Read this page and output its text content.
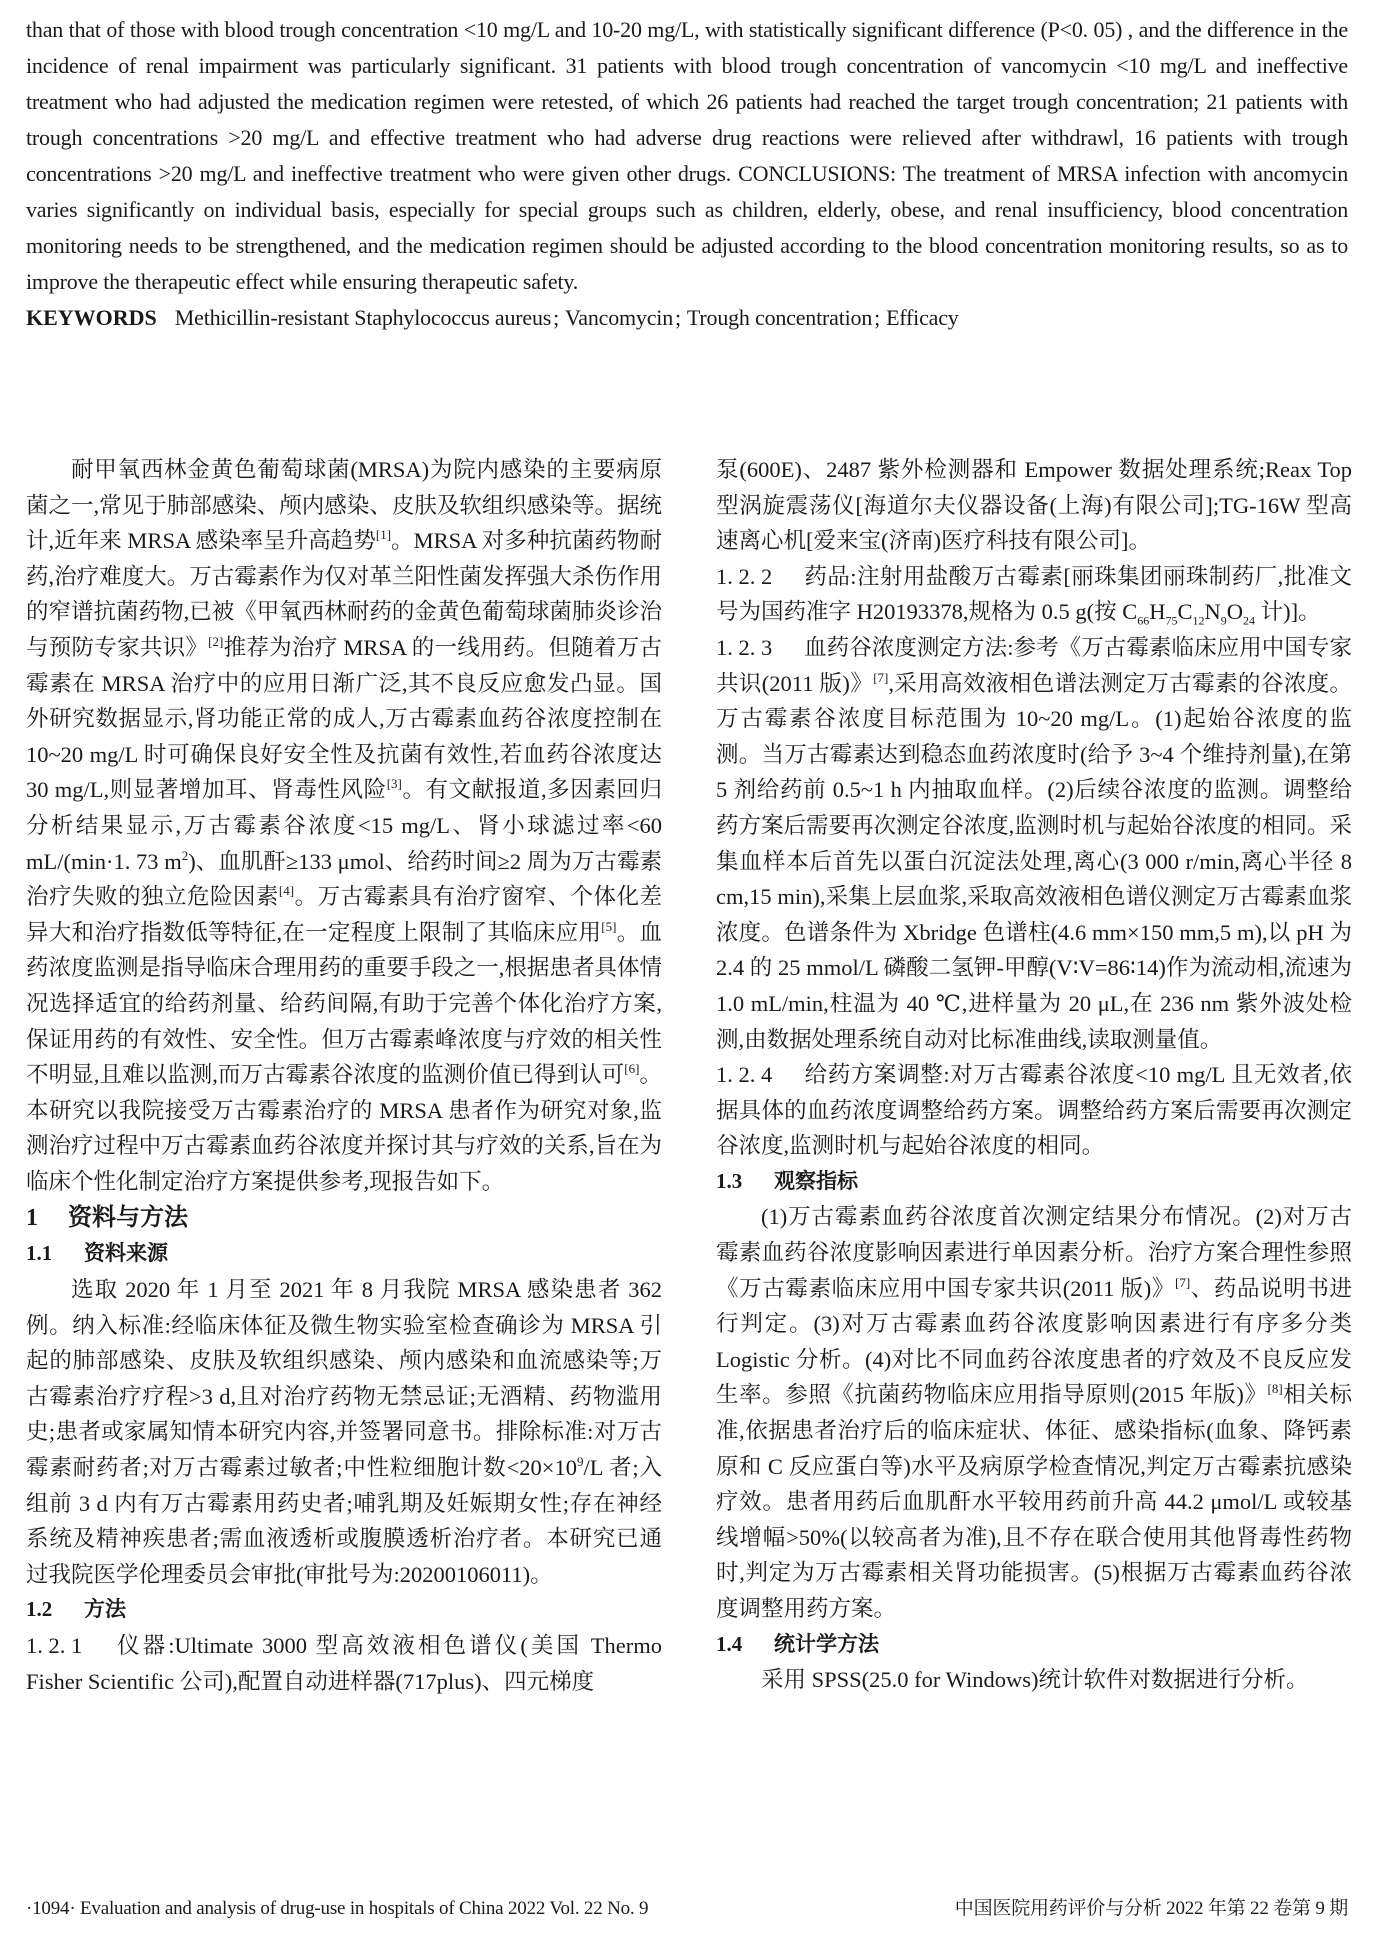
than that of those with blood trough concentration <10 mg/L and 10-20 mg/L, with statistically significant difference (P<0. 05) , and the difference in the incidence of renal impairment was particularly significant. 31 patients with blood trough concentration of vancomycin <10 mg/L and ineffective treatment who had adjusted the medication regimen were retested, of which 26 patients had reached the target trough concentration; 21 patients with trough concentrations >20 mg/L and effective treatment who had adverse drug reactions were relieved after withdrawl, 16 patients with trough concentrations >20 mg/L and ineffective treatment who were given other drugs. CONCLUSIONS: The treatment of MRSA infection with ancomycin varies significantly on individual basis, especially for special groups such as children, elderly, obese, and renal insufficiency, blood concentration monitoring needs to be strengthened, and the medication regimen should be adjusted according to the blood concentration monitoring results, so as to improve the therapeutic effect while ensuring therapeutic safety.

KEYWORDS Methicillin-resistant Staphylococcus aureus; Vancomycin; Trough concentration; Efficacy

耐甲氧西林金黄色葡萄球菌(MRSA)为院内感染的主要病原菌之一,常见于肺部感染、颅内感染、皮肤及软组织感染等。据统计,近年来 MRSA 感染率呈升高趋势[1]。MRSA 对多种抗菌药物耐药,治疗难度大。万古霉素作为仅对革兰阳性菌发挥强大杀伤作用的窄谱抗菌药物,已被《甲氧西林耐药的金黄色葡萄球菌肺炎诊治与预防专家共识》[2]推荐为治疗 MRSA 的一线用药。但随着万古霉素在 MRSA 治疗中的应用日渐广泛,其不良反应愈发凸显。国外研究数据显示,肾功能正常的成人,万古霉素血药谷浓度控制在 10~20 mg/L 时可确保良好安全性及抗菌有效性,若血药谷浓度达 30 mg/L,则显著增加耳、肾毒性风险[3]。有文献报道,多因素回归分析结果显示,万古霉素谷浓度<15 mg/L、肾小球滤过率<60 mL/(min·1. 73 $m^2$)、血肌酐≥133 μmol、给药时间≥2 周为万古霉素治疗失败的独立危险因素[4]。万古霉素具有治疗窗窄、个体化差异大和治疗指数低等特征,在一定程度上限制了其临床应用[5]。血药浓度监测是指导临床合理用药的重要手段之一,根据患者具体情况选择适宜的给药剂量、给药间隔,有助于完善个体化治疗方案,保证用药的有效性、安全性。但万古霉素峰浓度与疗效的相关性不明显,且难以监测,而万古霉素谷浓度的监测价值已得到认可[6]。本研究以我院接受万古霉素治疗的 MRSA 患者作为研究对象,监测治疗过程中万古霉素血药谷浓度并探讨其与疗效的关系,旨在为临床个性化制定治疗方案提供参考,现报告如下。

1 资料与方法

1.1 资料来源

选取 2020 年 1 月至 2021 年 8 月我院 MRSA 感染患者 362 例。纳入标准:经临床体征及微生物实验室检查确诊为 MRSA 引起的肺部感染、皮肤及软组织感染、颅内感染和血流感染等;万古霉素治疗疗程>3 d,且对治疗药物无禁忌证;无酒精、药物滥用史;患者或家属知情本研究内容,并签署同意书。排除标准:对万古霉素耐药者;对万古霉素过敏者;中性粒细胞计数$<20\times 10^9/L$ 者;入组前 3 d 内有万古霉素用药史者;哺乳期及妊娠期女性;存在神经系统及精神疾患者;需血液透析或腹膜透析治疗者。本研究已通过我院医学伦理委员会审批(审批号为:20200106011)。

1.2 方法

1. 2. 1 仪器:Ultimate 3000 型高效液相色谱仪(美国 Thermo Fisher Scientific 公司),配置自动进样器(717plus)、四元梯度

泵(600E)、2487 紫外检测器和 Empower 数据处理系统;Reax Top 型涡旋震荡仪[海道尔夫仪器设备(上海)有限公司];TG-16W 型高速离心机[爱来宝(济南)医疗科技有限公司]。

1. 2. 2 药品:注射用盐酸万古霉素[丽珠集团丽珠制药厂,批准文号为国药准字 H20193378,规格为 0.5 g(按 $C_{66}H_{75}C_{12}N_9O_{24}$ 计)]。

1. 2. 3 血药谷浓度测定方法:参考《万古霉素临床应用中国专家共识(2011 版)》[7],采用高效液相色谱法测定万古霉素的谷浓度。万古霉素谷浓度目标范围为 10~20 mg/L。(1)起始谷浓度的监测。当万古霉素达到稳态血药浓度时(给予 3~4 个维持剂量),在第 5 剂给药前 0.5~1 h 内抽取血样。(2)后续谷浓度的监测。调整给药方案后需要再次测定谷浓度,监测时机与起始谷浓度的相同。采集血样本后首先以蛋白沉淀法处理,离心(3 000 r/min,离心半径 8 cm,15 min),采集上层血浆,采取高效液相色谱仪测定万古霉素血浆浓度。色谱条件为 Xbridge 色谱柱(4.6 mm×150 mm,5 m),以 pH 为 2.4 的 25 mmol/L 磷酸二氢钾-甲醇(V∶V=86∶14)作为流动相,流速为 1.0 mL/min,柱温为 40 ℃,进样量为 20 μL,在 236 nm 紫外波处检测,由数据处理系统自动对比标准曲线,读取测量值。

1. 2. 4 给药方案调整:对万古霉素谷浓度<10 mg/L 且无效者,依据具体的血药浓度调整给药方案。调整给药方案后需要再次测定谷浓度,监测时机与起始谷浓度的相同。

1.3 观察指标

(1)万古霉素血药谷浓度首次测定结果分布情况。(2)对万古霉素血药谷浓度影响因素进行单因素分析。治疗方案合理性参照《万古霉素临床应用中国专家共识(2011 版)》[7]、药品说明书进行判定。(3)对万古霉素血药谷浓度影响因素进行有序多分类 Logistic 分析。(4)对比不同血药谷浓度患者的疗效及不良反应发生率。参照《抗菌药物临床应用指导原则(2015 年版)》[8]相关标准,依据患者治疗后的临床症状、体征、感染指标(血象、降钙素原和 C 反应蛋白等)水平及病原学检查情况,判定万古霉素抗感染疗效。患者用药后血肌酐水平较用药前升高 44.2 μmol/L 或较基线增幅>50%(以较高者为准),且不存在联合使用其他肾毒性药物时,判定为万古霉素相关肾功能损害。(5)根据万古霉素血药谷浓度调整用药方案。

1.4 统计学方法

采用 SPSS(25.0 for Windows)统计软件对数据进行分析。

·1094· Evaluation and analysis of drug-use in hospitals of China 2022 Vol. 22 No. 9	中国医院用药评价与分析 2022 年第 22 卷第 9 期
